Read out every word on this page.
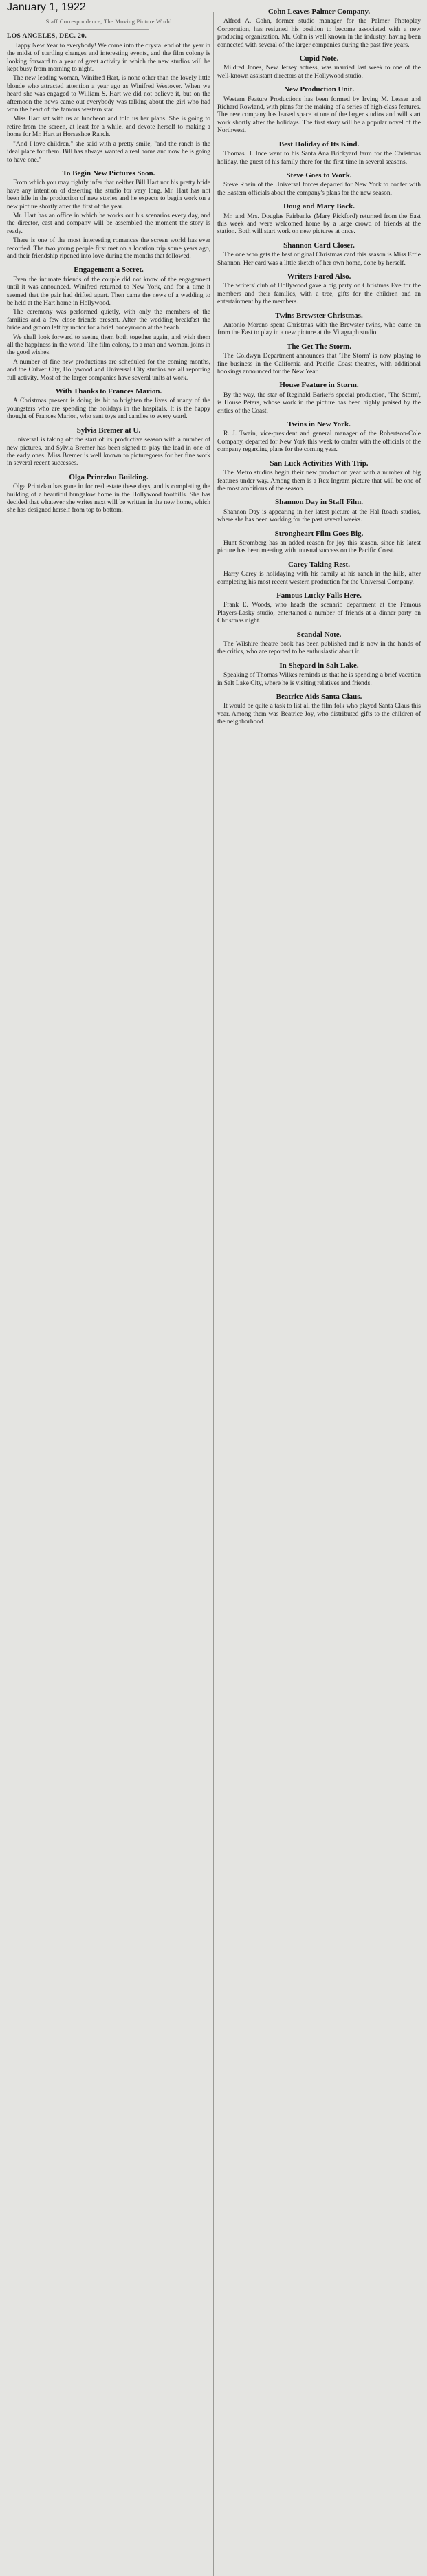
January 1, 1922
Staff Correspondence, The Moving Picture World

LOS ANGELES, DEC. 20.

Happy New Year to everybody! We come into the crystal end of the year in the midst of startling changes and interesting events, and the film colony is looking forward to a year of great activity in which the new studios will be kept busy from morning to night.

The new leading woman, Winifred Hart, is none other than the lovely little blonde who attracted attention a year ago as Winifred Westover. When we heard she was engaged to William S. Hart we did not believe it, but on the afternoon the news came out everybody was talking about the girl who had won the heart of the famous western star.

Miss Hart sat with us at luncheon and told us her plans. She is going to retire from the screen, at least for a while, and devote herself to making a home for Mr. Hart at Horseshoe Ranch.

"And I love children," she said with a pretty smile, "and the ranch is the ideal place for them. Bill has always wanted a real home and now he is going to have one."

To Begin New Pictures Soon.

From which you may rightly infer that neither Bill Hart nor his pretty bride have any intention of deserting the studio for very long. Mr. Hart has not been idle in the production of new stories and he expects to begin work on a new picture shortly after the first of the year.

Mr. Hart has an office in which he works out his scenarios every day, and the director, cast and company will be assembled the moment the story is ready.

There is one of the most interesting romances the screen world has ever recorded. The two young people first met on a location trip some years ago, and their friendship ripened into love during the months that followed.

Engagement a Secret.

Even the intimate friends of the couple did not know of the engagement until it was announced. Winifred returned to New York, and for a time it seemed that the pair had drifted apart. Then came the news of a wedding to be held at the Hart home in Hollywood.

The ceremony was performed quietly, with only the members of the families and a few close friends present. After the wedding breakfast the bride and groom left by motor for a brief honeymoon at the beach.

We shall look forward to seeing them both together again, and wish them all the happiness in the world. The film colony, to a man and woman, joins in the good wishes.

A number of fine new productions are scheduled for the coming months, and the Culver City, Hollywood and Universal City studios are all reporting full activity. Most of the larger companies have several units at work.

With Thanks to Frances Marion.

A Christmas present is doing its bit to brighten the lives of many of the youngsters who are spending the holidays in the hospitals. It is the happy thought of Frances Marion, who sent toys and candies to every ward.

Sylvia Bremer at U.

Universal is taking off the start of its productive season with a number of new pictures, and Sylvia Bremer has been signed to play the lead in one of the early ones. Miss Bremer is well known to picturegoers for her fine work in several recent successes.

Olga Printzlau Building.

Olga Printzlau has gone in for real estate these days, and is completing the building of a beautiful bungalow home in the Hollywood foothills. She has decided that whatever she writes next will be written in the new home, which she has designed herself from top to bottom.

Cohn Leaves Palmer Company.

Alfred A. Cohn, former studio manager for the Palmer Photoplay Corporation, has resigned his position to become associated with a new producing organization. Mr. Cohn is well known in the industry, having been connected with several of the larger companies during the past five years.

Cupid Note.

Mildred Jones, New Jersey actress, was married last week to one of the well-known assistant directors at the Hollywood studio.

New Production Unit.

Western Feature Productions has been formed by Irving M. Lesser and Richard Rowland, with plans for the making of a series of high-class features. The new company has leased space at one of the larger studios and will start work shortly after the holidays. The first story will be a popular novel of the Northwest.

Best Holiday of Its Kind.

Thomas H. Ince went to his Santa Ana Brickyard farm for the Christmas holiday, the guest of his family there for the first time in several seasons.

Steve Goes to Work.

Steve Rhein of the Universal forces departed for New York to confer with the Eastern officials about the company's plans for the new season.

Doug and Mary Back.

Mr. and Mrs. Douglas Fairbanks (Mary Pickford) returned from the East this week and were welcomed home by a large crowd of friends at the station. Both will start work on new pictures at once.

Shannon Card Closer.

The one who gets the best original Christmas card this season is Miss Effie Shannon. Her card was a little sketch of her own home, done by herself.

Writers Fared Also.

The writers' club of Hollywood gave a big party on Christmas Eve for the members and their families, with a tree, gifts for the children and an entertainment by the members.

Twins Brewster Christmas.

Antonio Moreno spent Christmas with the Brewster twins, who came on from the East to play in a new picture at the Vitagraph studio.

The Get The Storm.

The Goldwyn Department announces that 'The Storm' is now playing to fine business in the California and Pacific Coast theatres, with additional bookings announced for the New Year.

House Feature in Storm.

By the way, the star of Reginald Barker's special production, 'The Storm', is House Peters, whose work in the picture has been highly praised by the critics of the Coast.

Twins in New York.

R. J. Twain, vice-president and general manager of the Robertson-Cole Company, departed for New York this week to confer with the officials of the company regarding plans for the coming year.

San Luck Activities With Trip.

The Metro studios begin their new production year with a number of big features under way. Among them is a Rex Ingram picture that will be one of the most ambitious of the season.

Shannon Day in Staff Film.

Shannon Day is appearing in her latest picture at the Hal Roach studios, where she has been working for the past several weeks.

Strongheart Film Goes Big.

Hunt Stromberg has an added reason for joy this season, since his latest picture has been meeting with unusual success on the Pacific Coast.

Carey Taking Rest.

Harry Carey is holidaying with his family at his ranch in the hills, after completing his most recent western production for the Universal Company.

Famous Lucky Falls Here.

Frank E. Woods, who heads the scenario department at the Famous Players-Lasky studio, entertained a number of friends at a dinner party on Christmas night.

Scandal Note.

The Wilshire theatre book has been published and is now in the hands of the critics, who are reported to be enthusiastic about it.

In Shepard in Salt Lake.

Speaking of Thomas Wilkes reminds us that he is spending a brief vacation in Salt Lake City, where he is visiting relatives and friends.

Beatrice Aids Santa Claus.

It would be quite a task to list all the film folk who played Santa Claus this year. Among them was Beatrice Joy, who distributed gifts to the children of the neighborhood.
